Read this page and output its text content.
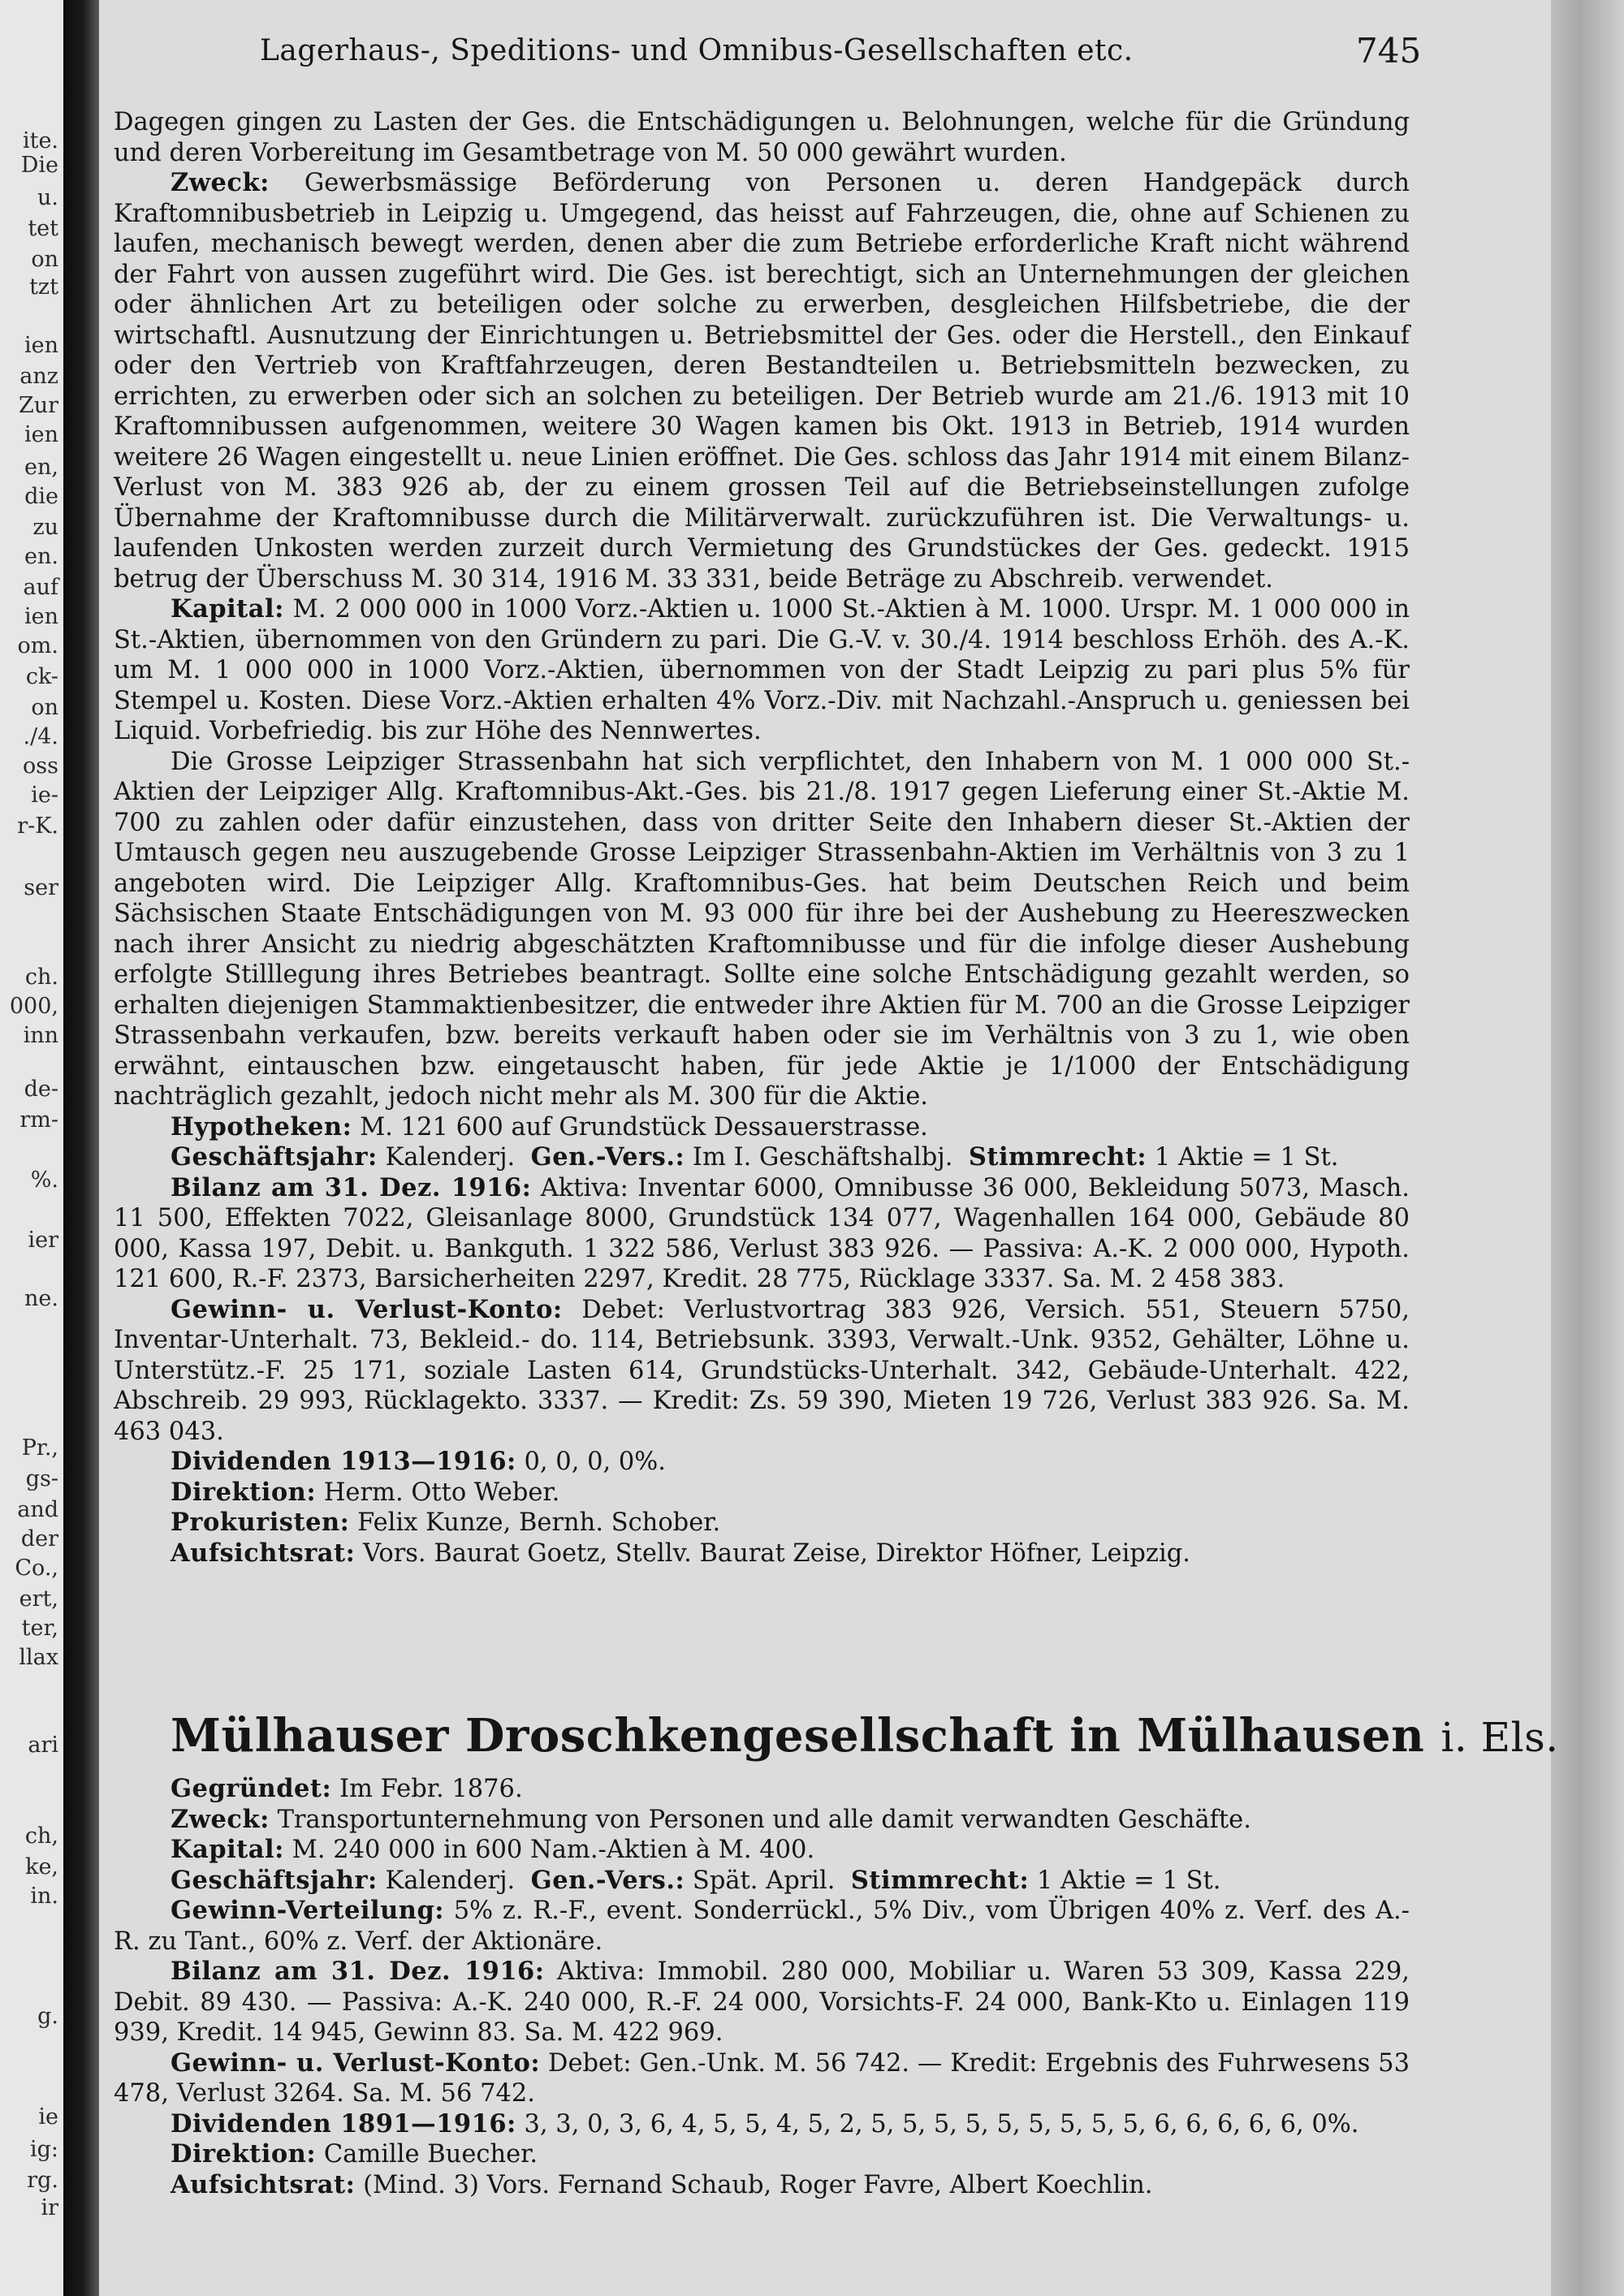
ite.
Die
u.
tet
on
tzt
ien
anz
Zur
ien
en,
die
zu
en.
auf
ien
om.
ck-
on
./4.
oss
ie-
r-K.
ser
ch.
000,
inn
de-
rm-
%.
ier
ne.
Pr.,
gs-
and
der
Co.,
ert,
ter,
llax
ari
ch,
ke,
in.
g.
ie
ig:
rg.
ir
Lagerhaus-, Speditions- und Omnibus-Gesellschaften etc.	745

Dagegen gingen zu Lasten der Ges. die Entschädigungen u. Belohnungen, welche für die Gründung und deren Vorbereitung im Gesamtbetrage von M. 50 000 gewährt wurden.

Zweck: Gewerbsmässige Beförderung von Personen u. deren Handgepäck durch Kraftomnibusbetrieb in Leipzig u. Umgegend, das heisst auf Fahrzeugen, die, ohne auf Schienen zu laufen, mechanisch bewegt werden, denen aber die zum Betriebe erforderliche Kraft nicht während der Fahrt von aussen zugeführt wird. Die Ges. ist berechtigt, sich an Unternehmungen der gleichen oder ähnlichen Art zu beteiligen oder solche zu erwerben, desgleichen Hilfsbetriebe, die der wirtschaftl. Ausnutzung der Einrichtungen u. Betriebsmittel der Ges. oder die Herstell., den Einkauf oder den Vertrieb von Kraftfahrzeugen, deren Bestandteilen u. Betriebsmitteln bezwecken, zu errichten, zu erwerben oder sich an solchen zu beteiligen. Der Betrieb wurde am 21./6. 1913 mit 10 Kraftomnibussen aufgenommen, weitere 30 Wagen kamen bis Okt. 1913 in Betrieb, 1914 wurden weitere 26 Wagen eingestellt u. neue Linien eröffnet. Die Ges. schloss das Jahr 1914 mit einem Bilanz-Verlust von M. 383 926 ab, der zu einem grossen Teil auf die Betriebseinstellungen zufolge Übernahme der Kraftomnibusse durch die Militärverwalt. zurückzuführen ist. Die Verwaltungs- u. laufenden Unkosten werden zurzeit durch Vermietung des Grundstückes der Ges. gedeckt. 1915 betrug der Überschuss M. 30 314, 1916 M. 33 331, beide Beträge zu Abschreib. verwendet.

Kapital: M. 2 000 000 in 1000 Vorz.-Aktien u. 1000 St.-Aktien à M. 1000. Urspr. M. 1 000 000 in St.-Aktien, übernommen von den Gründern zu pari. Die G.-V. v. 30./4. 1914 beschloss Erhöh. des A.-K. um M. 1 000 000 in 1000 Vorz.-Aktien, übernommen von der Stadt Leipzig zu pari plus 5% für Stempel u. Kosten. Diese Vorz.-Aktien erhalten 4% Vorz.-Div. mit Nachzahl.-Anspruch u. geniessen bei Liquid. Vorbefriedig. bis zur Höhe des Nennwertes.

Die Grosse Leipziger Strassenbahn hat sich verpflichtet, den Inhabern von M. 1 000 000 St.-Aktien der Leipziger Allg. Kraftomnibus-Akt.-Ges. bis 21./8. 1917 gegen Lieferung einer St.-Aktie M. 700 zu zahlen oder dafür einzustehen, dass von dritter Seite den Inhabern dieser St.-Aktien der Umtausch gegen neu auszugebende Grosse Leipziger Strassenbahn-Aktien im Verhältnis von 3 zu 1 angeboten wird. Die Leipziger Allg. Kraftomnibus-Ges. hat beim Deutschen Reich und beim Sächsischen Staate Entschädigungen von M. 93 000 für ihre bei der Aushebung zu Heereszwecken nach ihrer Ansicht zu niedrig abgeschätzten Kraftomnibusse und für die infolge dieser Aushebung erfolgte Stilllegung ihres Betriebes beantragt. Sollte eine solche Entschädigung gezahlt werden, so erhalten diejenigen Stammaktienbesitzer, die entweder ihre Aktien für M. 700 an die Grosse Leipziger Strassenbahn verkaufen, bzw. bereits verkauft haben oder sie im Verhältnis von 3 zu 1, wie oben erwähnt, eintauschen bzw. eingetauscht haben, für jede Aktie je 1/1000 der Entschädigung nachträglich gezahlt, jedoch nicht mehr als M. 300 für die Aktie.

Hypotheken: M. 121 600 auf Grundstück Dessauerstrasse.

Geschäftsjahr: Kalenderj. Gen.-Vers.: Im I. Geschäftshalbj. Stimmrecht: 1 Aktie = 1 St.

Bilanz am 31. Dez. 1916: Aktiva: Inventar 6000, Omnibusse 36 000, Bekleidung 5073, Masch. 11 500, Effekten 7022, Gleisanlage 8000, Grundstück 134 077, Wagenhallen 164 000, Gebäude 80 000, Kassa 197, Debit. u. Bankguth. 1 322 586, Verlust 383 926. — Passiva: A.-K. 2 000 000, Hypoth. 121 600, R.-F. 2373, Barsicherheiten 2297, Kredit. 28 775, Rücklage 3337. Sa. M. 2 458 383.

Gewinn- u. Verlust-Konto: Debet: Verlustvortrag 383 926, Versich. 551, Steuern 5750, Inventar-Unterhalt. 73, Bekleid.- do. 114, Betriebsunk. 3393, Verwalt.-Unk. 9352, Gehälter, Löhne u. Unterstütz.-F. 25 171, soziale Lasten 614, Grundstücks-Unterhalt. 342, Gebäude-Unterhalt. 422, Abschreib. 29 993, Rücklagekto. 3337. — Kredit: Zs. 59 390, Mieten 19 726, Verlust 383 926. Sa. M. 463 043.

Dividenden 1913—1916: 0, 0, 0, 0%.

Direktion: Herm. Otto Weber.

Prokuristen: Felix Kunze, Bernh. Schober.

Aufsichtsrat: Vors. Baurat Goetz, Stellv. Baurat Zeise, Direktor Höfner, Leipzig.

Mülhauser Droschkengesellschaft in Mülhausen i. Els.

Gegründet: Im Febr. 1876.

Zweck: Transportunternehmung von Personen und alle damit verwandten Geschäfte.

Kapital: M. 240 000 in 600 Nam.-Aktien à M. 400.

Geschäftsjahr: Kalenderj. Gen.-Vers.: Spät. April. Stimmrecht: 1 Aktie = 1 St.

Gewinn-Verteilung: 5% z. R.-F., event. Sonderrückl., 5% Div., vom Übrigen 40% z. Verf. des A.-R. zu Tant., 60% z. Verf. der Aktionäre.

Bilanz am 31. Dez. 1916: Aktiva: Immobil. 280 000, Mobiliar u. Waren 53 309, Kassa 229, Debit. 89 430. — Passiva: A.-K. 240 000, R.-F. 24 000, Vorsichts-F. 24 000, Bank-Kto u. Einlagen 119 939, Kredit. 14 945, Gewinn 83. Sa. M. 422 969.

Gewinn- u. Verlust-Konto: Debet: Gen.-Unk. M. 56 742. — Kredit: Ergebnis des Fuhrwesens 53 478, Verlust 3264. Sa. M. 56 742.

Dividenden 1891—1916: 3, 3, 0, 3, 6, 4, 5, 5, 4, 5, 2, 5, 5, 5, 5, 5, 5, 5, 5, 5, 6, 6, 6, 6, 6, 0%.

Direktion: Camille Buecher.

Aufsichtsrat: (Mind. 3) Vors. Fernand Schaub, Roger Favre, Albert Koechlin.
